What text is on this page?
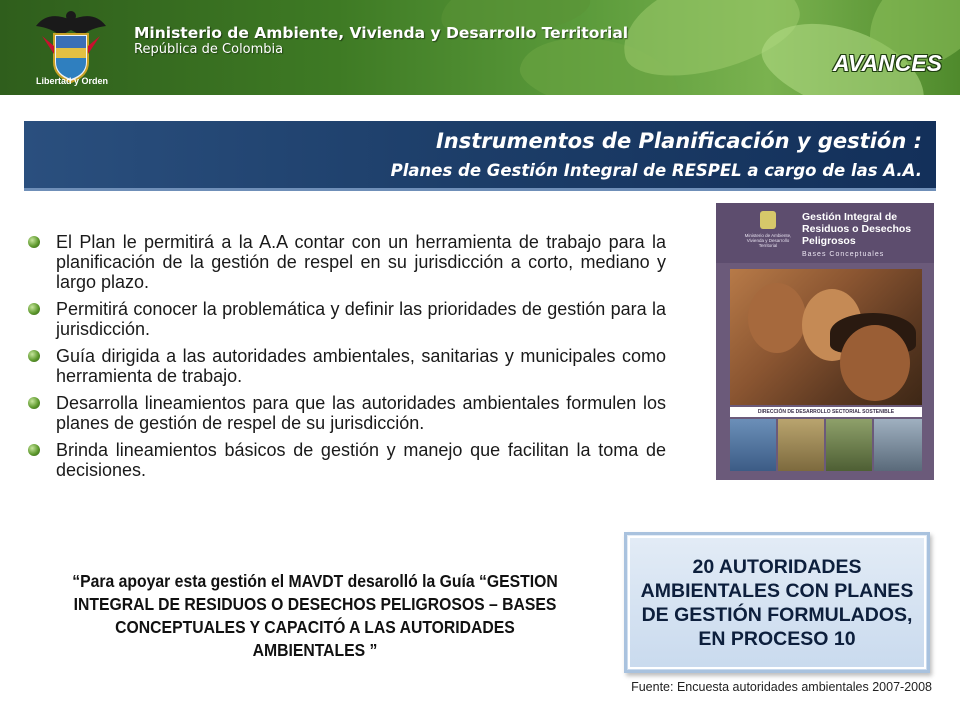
Libertad y Orden
Ministerio de Ambiente, Vivienda y Desarrollo Territorial
República de Colombia
AVANCES
Instrumentos de Planificación y gestión :
Planes de Gestión Integral de RESPEL a cargo de las A.A.
El Plan le permitirá a la A.A contar con un herramienta de trabajo para la planificación de la gestión de respel en su jurisdicción a corto, mediano y largo plazo.
Permitirá conocer la problemática y definir las prioridades de gestión para la jurisdicción.
Guía dirigida a las autoridades ambientales, sanitarias y municipales como herramienta de trabajo.
Desarrolla lineamientos para que las autoridades ambientales formulen los planes de gestión de respel de su jurisdicción.
Brinda lineamientos básicos de gestión y manejo que facilitan la toma de decisiones.
Ministerio de Ambiente, Vivienda y Desarrollo Territorial
Gestión Integral de Residuos o Desechos Peligrosos
Bases Conceptuales
DIRECCIÓN DE DESARROLLO SECTORIAL SOSTENIBLE
“Para apoyar esta gestión el MAVDT desarolló la Guía “GESTION INTEGRAL DE RESIDUOS O DESECHOS PELIGROSOS – BASES CONCEPTUALES Y CAPACITÓ A LAS AUTORIDADES AMBIENTALES ”
20 AUTORIDADES AMBIENTALES CON PLANES DE GESTIÓN FORMULADOS, EN PROCESO 10
Fuente: Encuesta autoridades ambientales 2007-2008
